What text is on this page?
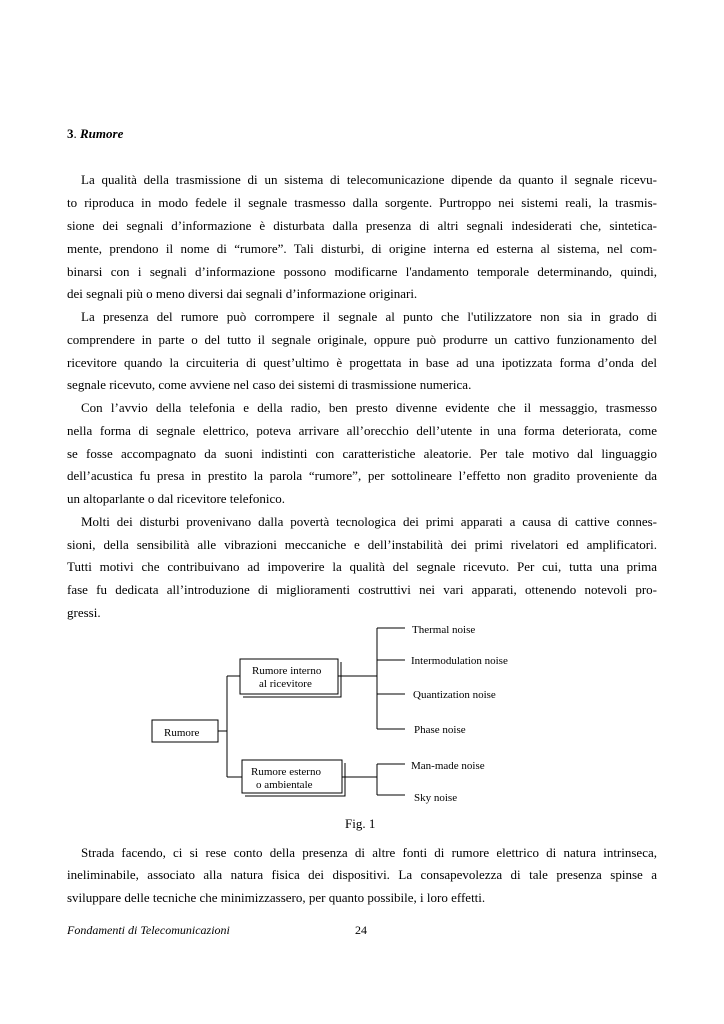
3. Rumore
La qualità della trasmissione di un sistema di telecomunicazione dipende da quanto il segnale ricevu-
to riproduca in modo fedele il segnale trasmesso dalla sorgente. Purtroppo nei sistemi reali, la trasmis-
sione dei segnali d’informazione è disturbata dalla presenza di altri segnali indesiderati che, sintetica-
mente, prendono il nome di “rumore”. Tali disturbi, di origine interna ed esterna al sistema, nel com-
binarsi con i segnali d’informazione possono modificarne l'andamento temporale determinando, quindi,
dei segnali più o meno diversi dai segnali d’informazione originari.
La presenza del rumore può corrompere il segnale al punto che l'utilizzatore non sia in grado di
comprendere in parte o del tutto il segnale originale, oppure può produrre un cattivo funzionamento del
ricevitore quando la circuiteria di quest’ultimo è progettata in base ad una ipotizzata forma d’onda del
segnale ricevuto, come avviene nel caso dei sistemi di trasmissione numerica.
Con l’avvio della telefonia e della radio, ben presto divenne evidente che il messaggio, trasmesso
nella forma di segnale elettrico, poteva arrivare all’orecchio dell’utente in una forma deteriorata, come
se fosse accompagnato da suoni indistinti con caratteristiche aleatorie. Per tale motivo dal linguaggio
dell’acustica fu presa in prestito la parola “rumore”, per sottolineare l’effetto non gradito proveniente da
un altoparlante o dal ricevitore telefonico.
Molti dei disturbi provenivano dalla povertà tecnologica dei primi apparati a causa di cattive connes-
sioni, della sensibilità alle vibrazioni meccaniche e dell’instabilità dei primi rivelatori ed amplificatori.
Tutti motivi che contribuivano ad impoverire la qualità del segnale ricevuto. Per cui, tutta una prima
fase fu dedicata all’introduzione di miglioramenti costruttivi nei vari apparati, ottenendo notevoli pro-
gressi.
Rumore
Rumore interno
al ricevitore
Rumore esterno
o ambientale
Thermal noise
Intermodulation noise
Quantization noise
Phase noise
Man-made noise
Sky noise
Fig. 1
Strada facendo, ci si rese conto della presenza di altre fonti di rumore elettrico di natura intrinseca,
ineliminabile, associato alla natura fisica dei dispositivi. La consapevolezza di tale presenza spinse a
sviluppare delle tecniche che minimizzassero, per quanto possibile, i loro effetti.
Fondamenti di Telecomunicazioni	24
